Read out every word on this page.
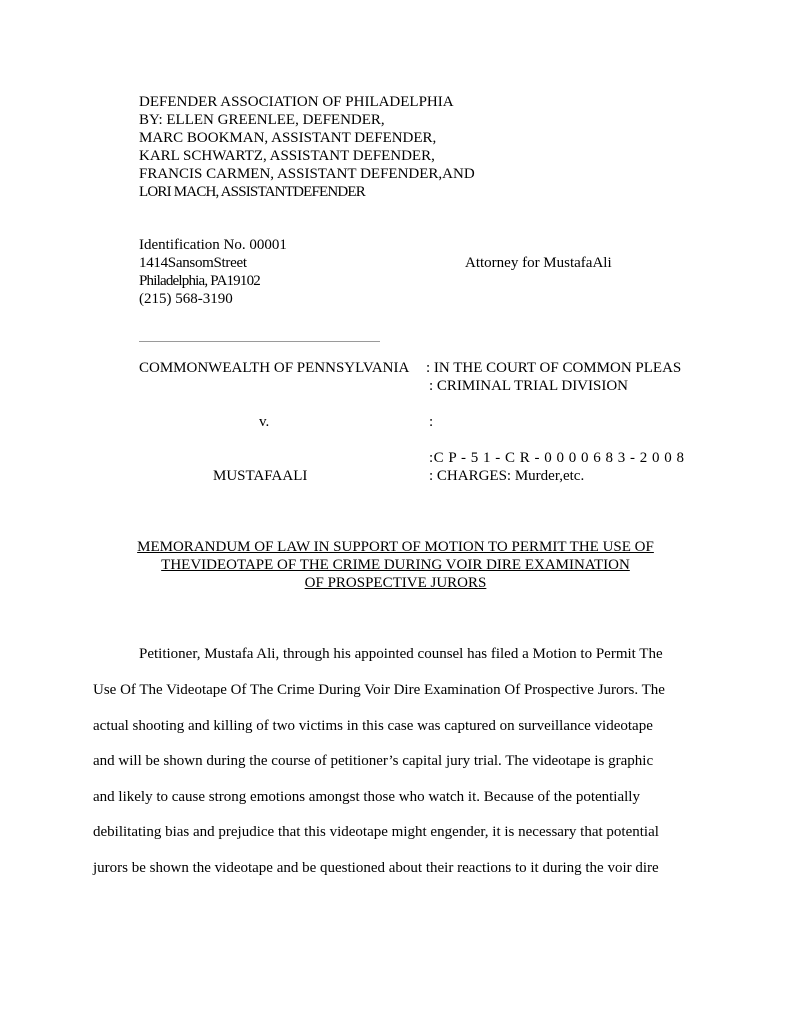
DEFENDER ASSOCIATION OF PHILADELPHIA
BY: ELLEN GREENLEE, DEFENDER,
MARC BOOKMAN, ASSISTANT DEFENDER,
KARL SCHWARTZ, ASSISTANT DEFENDER,
FRANCIS CARMEN, ASSISTANT DEFENDER,AND
LORI MACH, ASSISTANTDEFENDER
Identification No. 00001
1414SansomStreet	Attorney for MustafaAli
Philadelphia, PA19102
(215) 568-3190
COMMONWEALTH OF PENNSYLVANIA : IN THE COURT OF COMMON PLEAS
: CRIMINAL TRIAL DIVISION
v.	:
:C P - 5 1 - C R - 0 0 0 0 6 8 3 - 2 0 0 8
MUSTAFAALI	: CHARGES: Murder,etc.
MEMORANDUM OF LAW IN SUPPORT OF MOTION TO PERMIT THE USE OF
THEVIDEOTAPE OF THE CRIME DURING VOIR DIRE EXAMINATION
OF PROSPECTIVE JURORS
Petitioner, Mustafa Ali, through his appointed counsel has filed a Motion to Permit The
Use Of The Videotape Of The Crime During Voir Dire Examination Of Prospective Jurors. The
actual shooting and killing of two victims in this case was captured on surveillance videotape
and will be shown during the course of petitioner’s capital jury trial. The videotape is graphic
and likely to cause strong emotions amongst those who watch it. Because of the potentially
debilitating bias and prejudice that this videotape might engender, it is necessary that potential
jurors be shown the videotape and be questioned about their reactions to it during the voir dire
